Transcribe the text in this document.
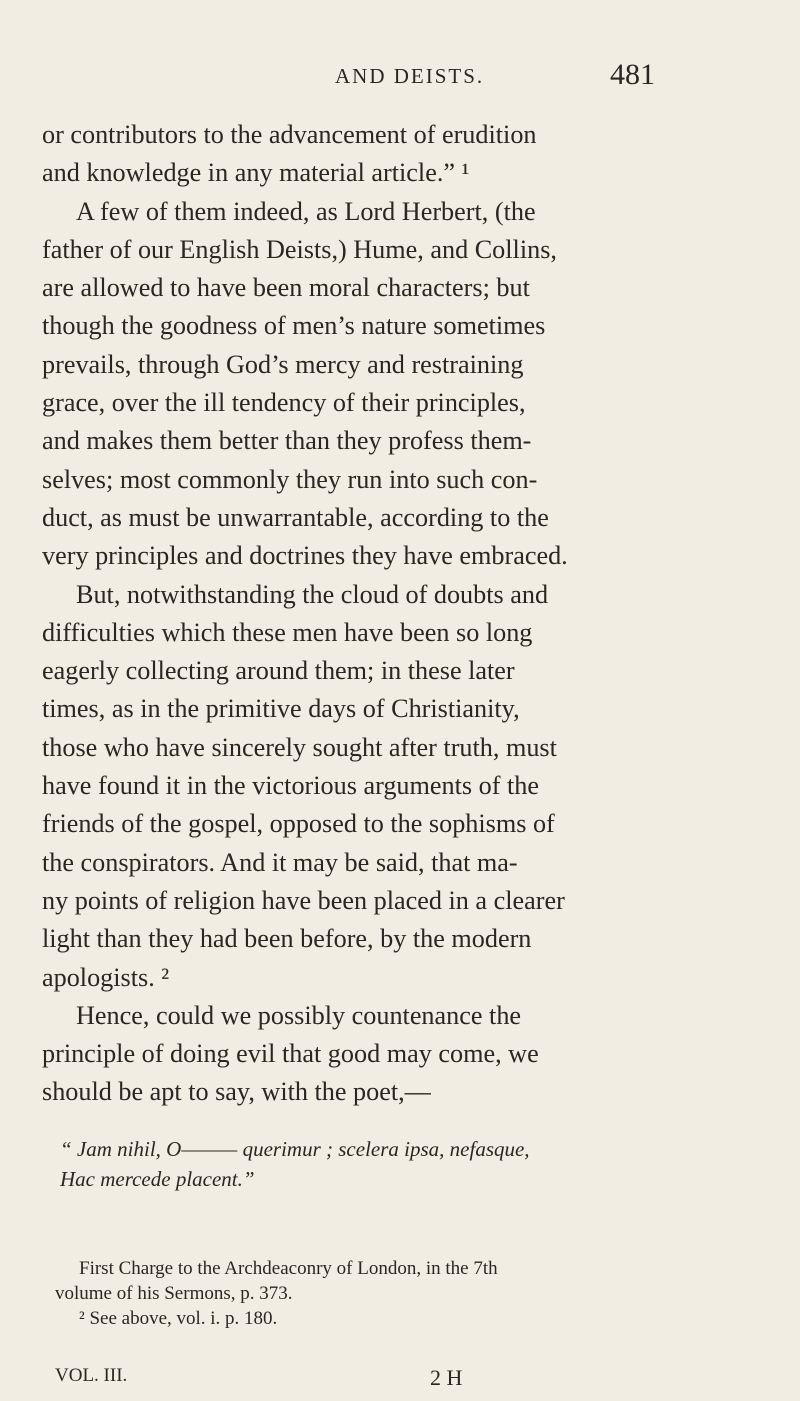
AND DEISTS.	481
or contributors to the advancement of erudition
and knowledge in any material article.” ¹
A few of them indeed, as Lord Herbert, (the
father of our English Deists,) Hume, and Collins,
are allowed to have been moral characters; but
though the goodness of men’s nature sometimes
prevails, through God’s mercy and restraining
grace, over the ill tendency of their principles,
and makes them better than they profess them-
selves; most commonly they run into such con-
duct, as must be unwarrantable, according to the
very principles and doctrines they have embraced.
But, notwithstanding the cloud of doubts and
difficulties which these men have been so long
eagerly collecting around them; in these later
times, as in the primitive days of Christianity,
those who have sincerely sought after truth, must
have found it in the victorious arguments of the
friends of the gospel, opposed to the sophisms of
the conspirators. And it may be said, that ma-
ny points of religion have been placed in a clearer
light than they had been before, by the modern
apologists. ²
Hence, could we possibly countenance the
principle of doing evil that good may come, we
should be apt to say, with the poet,—
“ Jam nihil, O——— querimur ; scelera ipsa, nefasque,
Hac mercede placent.”
First Charge to the Archdeaconry of London, in the 7th
volume of his Sermons, p. 373.
² See above, vol. i. p. 180.
VOL. III.	2 H
